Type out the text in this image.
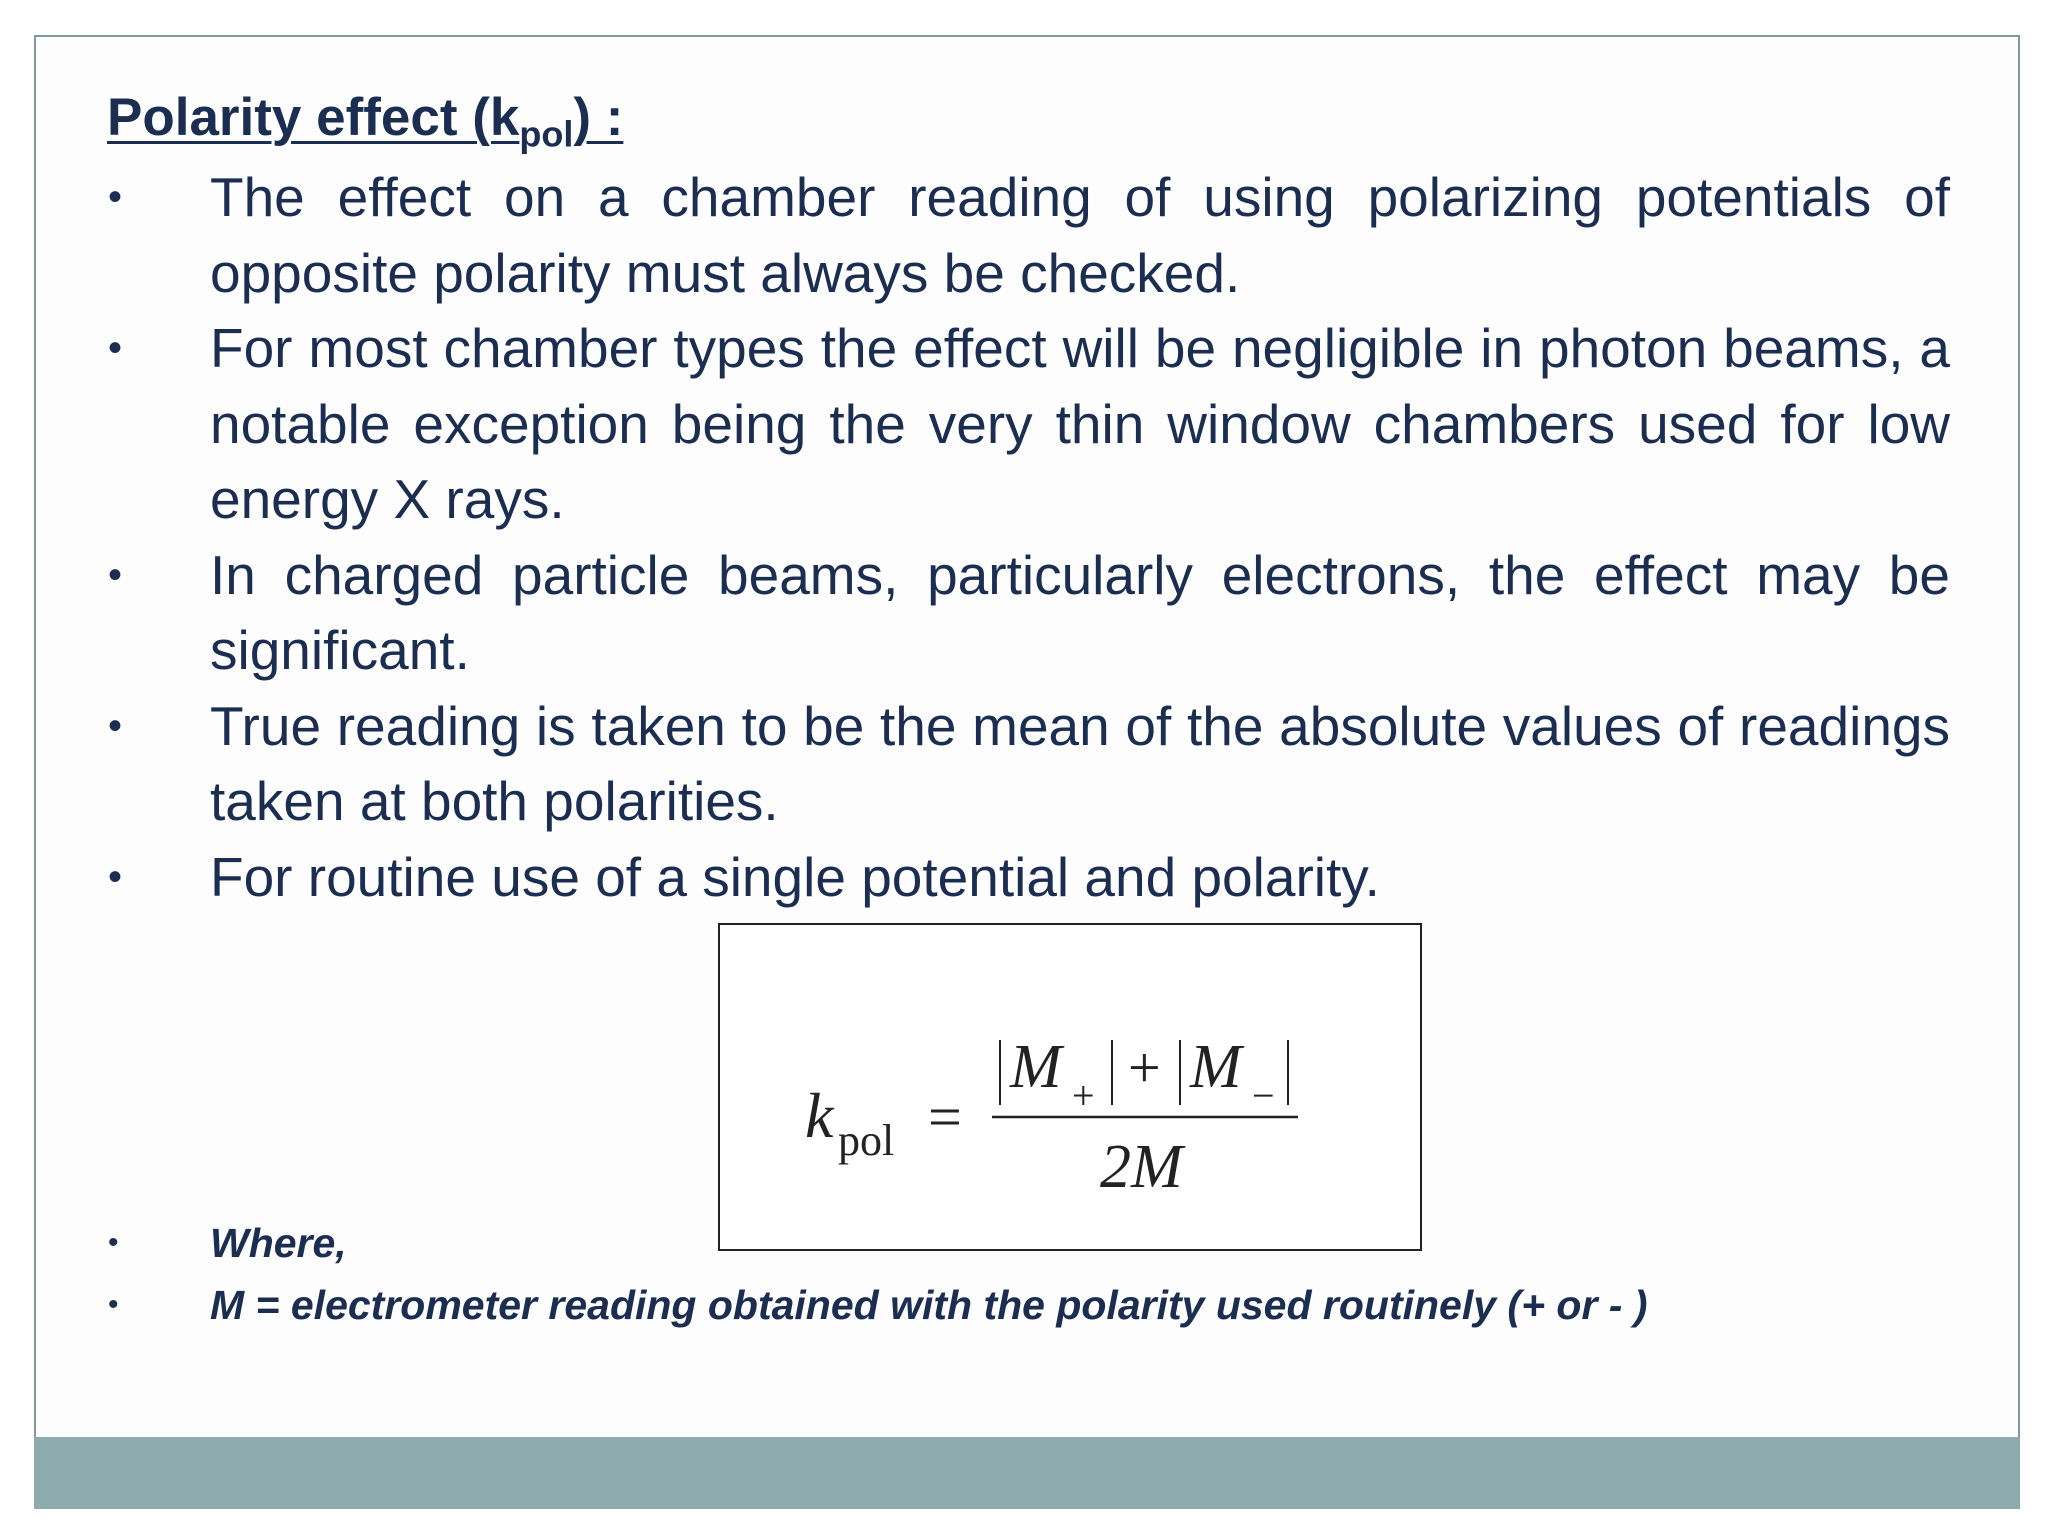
Polarity effect $(k_{pol})$ :
• The effect on a chamber reading of using polarizing potentials of opposite polarity must always be checked.
• For most chamber types the effect will be negligible in photon beams, a notable exception being the very thin window chambers used for low energy X rays.
• In charged particle beams, particularly electrons, the effect may be significant.
• True reading is taken to be the mean of the absolute values of readings taken at both polarities.
• For routine use of a single potential and polarity.
k pol =
M + + M −
2M
• Where,
• M = electrometer reading obtained with the polarity used routinely (+ or - )
